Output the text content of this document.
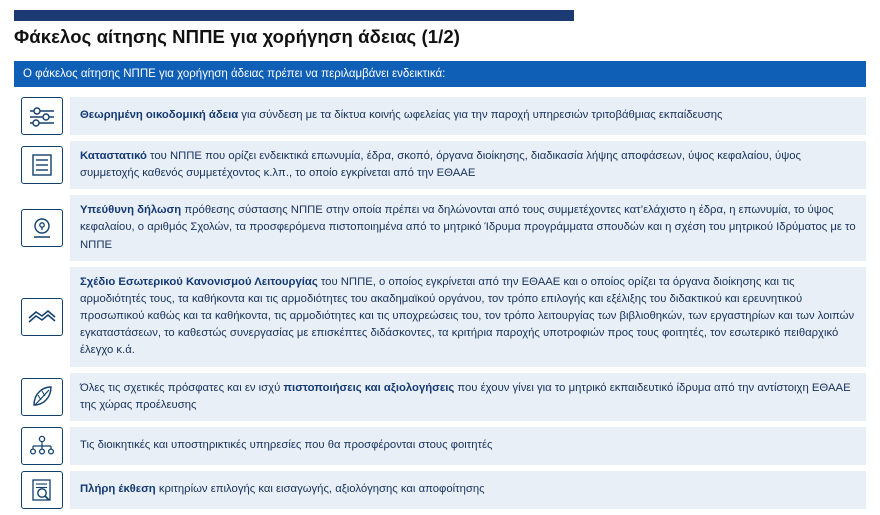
Φάκελος αίτησης ΝΠΠΕ για χορήγηση άδειας (1/2)
Ο φάκελος αίτησης ΝΠΠΕ για χορήγηση άδειας πρέπει να περιλαμβάνει ενδεικτικά:

Θεωρημένη οικοδομική άδεια για σύνδεση με τα δίκτυα κοινής ωφελείας για την παροχή υπηρεσιών τριτοβάθμιας εκπαίδευσης

Καταστατικό του ΝΠΠΕ που ορίζει ενδεικτικά επωνυμία, έδρα, σκοπό, όργανα διοίκησης, διαδικασία λήψης αποφάσεων, ύψος κεφαλαίου, ύψος συμμετοχής καθενός συμμετέχοντος κ.λπ., το οποίο εγκρίνεται από την ΕΘΑΑΕ

Υπεύθυνη δήλωση πρόθεσης σύστασης ΝΠΠΕ στην οποία πρέπει να δηλώνονται από τους συμμετέχοντες κατ’ελάχιστο η έδρα, η επωνυμία, το ύψος κεφαλαίου, ο αριθμός Σχολών, τα προσφερόμενα πιστοποιημένα από το μητρικό Ίδρυμα προγράμματα σπουδών και η σχέση του μητρικού Ιδρύματος με το ΝΠΠΕ

Σχέδιο Εσωτερικού Κανονισμού Λειτουργίας του ΝΠΠΕ, ο οποίος εγκρίνεται από την ΕΘΑΑΕ και ο οποίος ορίζει τα όργανα διοίκησης και τις αρμοδιότητές τους, τα καθήκοντα και τις αρμοδιότητες του ακαδημαϊκού οργάνου, τον τρόπο επιλογής και εξέλιξης του διδακτικού και ερευνητικού προσωπικού καθώς και τα καθήκοντα, τις αρμοδιότητες και τις υποχρεώσεις του, τον τρόπο λειτουργίας των βιβλιοθηκών, των εργαστηρίων και των λοιπών εγκαταστάσεων, το καθεστώς συνεργασίας με επισκέπτες διδάσκοντες, τα κριτήρια παροχής υποτροφιών προς τους φοιτητές, τον εσωτερικό πειθαρχικό έλεγχο κ.ά.

Όλες τις σχετικές πρόσφατες και εν ισχύ πιστοποιήσεις και αξιολογήσεις που έχουν γίνει για το μητρικό εκπαιδευτικό ίδρυμα από την αντίστοιχη ΕΘΑΑΕ της χώρας προέλευσης

Τις διοικητικές και υποστηρικτικές υπηρεσίες που θα προσφέρονται στους φοιτητές

Πλήρη έκθεση κριτηρίων επιλογής και εισαγωγής, αξιολόγησης και αποφοίτησης
